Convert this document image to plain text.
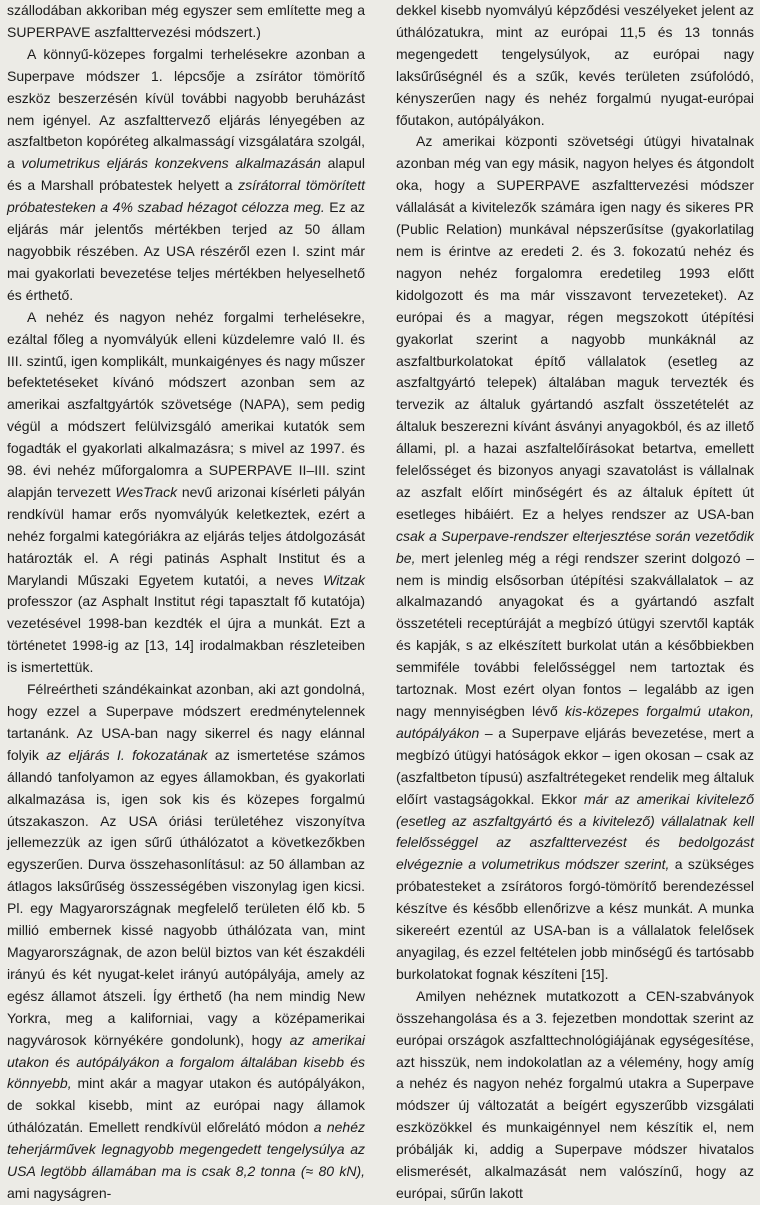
szállodában akkoriban még egyszer sem említette meg a SUPERPAVE aszfalttervezési módszert.)

A könnyű-közepes forgalmi terhelésekre azonban a Superpave módszer 1. lépcsője a zsírátor tömörítő eszköz beszerzésén kívül további nagyobb beruházást nem igényel. Az aszfalttervező eljárás lényegében az aszfaltbeton kopóréteg alkalmasságí vizsgálatára szolgál, a volumetrikus eljárás konzekvens alkalmazásán alapul és a Marshall próbatestek helyett a zsírátorral tömörített próbatesteken a 4% szabad hézagot célozza meg. Ez az eljárás már jelentős mértékben terjed az 50 állam nagyobbik részében. Az USA részéről ezen I. szint már mai gyakorlati bevezetése teljes mértékben helyeselhető és érthető.

A nehéz és nagyon nehéz forgalmi terhelésekre, ezáltal főleg a nyomvályúk elleni küzdelemre való II. és III. szintű, igen komplikált, munkaigényes és nagy műszer befektetéseket kívánó módszert azonban sem az amerikai aszfaltgyártók szövetsége (NAPA), sem pedig végül a módszert felülvizsgáló amerikai kutatók sem fogadták el gyakorlati alkalmazásra; s mivel az 1997. és 98. évi nehéz műforgalomra a SUPERPAVE II–III. szint alapján tervezett WesTrack nevű arizonai kísérleti pályán rendkívül hamar erős nyomvályúk keletkeztek, ezért a nehéz forgalmi kategóriákra az eljárás teljes átdolgozását határozták el. A régi patinás Asphalt Institut és a Marylandi Műszaki Egyetem kutatói, a neves Witzak professzor (az Asphalt Institut régi tapasztalt fő kutatója) vezetésével 1998-ban kezdték el újra a munkát. Ezt a történetet 1998-ig az [13, 14] irodalmakban részleteiben is ismertettük.

Félreértheti szándékainkat azonban, aki azt gondolná, hogy ezzel a Superpave módszert eredménytelennek tartanánk. Az USA-ban nagy sikerrel és nagy elánnal folyik az eljárás I. fokozatának az ismertetése számos állandó tanfolyamon az egyes államokban, és gyakorlati alkalmazása is, igen sok kis és közepes forgalmú útszakaszon. Az USA óriási területéhez viszonyítva jellemezzük az igen sűrű úthálózatot a következőkben egyszerűen. Durva összehasonlításul: az 50 államban az átlagos laksűrűség összességében viszonylag igen kicsi. Pl. egy Magyarországnak megfelelő területen élő kb. 5 millió embernek kissé nagyobb úthálózata van, mint Magyarországnak, de azon belül biztos van két északdéli irányú és két nyugat-kelet irányú autópályája, amely az egész államot átszeli. Így érthető (ha nem mindig New Yorkra, meg a kaliforniai, vagy a középamerikai nagyvárosok környékére gondolunk), hogy az amerikai utakon és autópályákon a forgalom általában kisebb és könnyebb, mint akár a magyar utakon és autópályákon, de sokkal kisebb, mint az európai nagy államok úthálózatán. Emellett rendkívül előrelátó módon a nehéz teherjárművek legnagyobb megengedett tengelysúlya az USA legtöbb államában ma is csak 8,2 tonna (≈ 80 kN), ami nagyságren-

dekkel kisebb nyomvályú képződési veszélyeket jelent az úthálózatukra, mint az európai 11,5 és 13 tonnás megengedett tengelysúlyok, az európai nagy laksűrűségnél és a szűk, kevés területen zsúfolódó, kényszerűen nagy és nehéz forgalmú nyugat-európai főutakon, autópályákon.

Az amerikai központi szövetségi útügyi hivatalnak azonban még van egy másik, nagyon helyes és átgondolt oka, hogy a SUPERPAVE aszfalttervezési módszer vállalását a kivitelezők számára igen nagy és sikeres PR (Public Relation) munkával népszerűsítse (gyakorlatilag nem is érintve az eredeti 2. és 3. fokozatú nehéz és nagyon nehéz forgalomra eredetileg 1993 előtt kidolgozott és ma már visszavont tervezeteket). Az európai és a magyar, régen megszokott útépítési gyakorlat szerint a nagyobb munkáknál az aszfaltburkolatokat építő vállalatok (esetleg az aszfaltgyártó telepek) általában maguk tervezték és tervezik az általuk gyártandó aszfalt összetételét az általuk beszerezni kívánt ásványi anyagokból, és az illető állami, pl. a hazai aszfaltelőírásokat betartva, emellett felelősséget és bizonyos anyagi szavatolást is vállalnak az aszfalt előírt minőségért és az általuk épített út esetleges hibáiért. Ez a helyes rendszer az USA-ban csak a Superpave-rendszer elterjesztése során vezetődik be, mert jelenleg még a régi rendszer szerint dolgozó – nem is mindig elsősorban útépítési szakvállalatok – az alkalmazandó anyagokat és a gyártandó aszfalt összetételi receptúráját a megbízó útügyi szervtől kapták és kapják, s az elkészített burkolat után a későbbiekben semmiféle további felelősséggel nem tartoztak és tartoznak. Most ezért olyan fontos – legalább az igen nagy mennyiségben lévő kis-közepes forgalmú utakon, autópályákon – a Superpave eljárás bevezetése, mert a megbízó útügyi hatóságok ekkor – igen okosan – csak az (aszfaltbeton típusú) aszfaltrétegeket rendelik meg általuk előírt vastagságokkal. Ekkor már az amerikai kivitelező (esetleg az aszfaltgyártó és a kivitelező) vállalatnak kell felelősséggel az aszfalttervezést és bedolgozást elvégeznie a volumetrikus módszer szerint, a szükséges próbatesteket a zsírátoros forgó-tömörítő berendezéssel készítve és később ellenőrizve a kész munkát. A munka sikereért ezentúl az USA-ban is a vállalatok felelősek anyagilag, és ezzel feltételen jobb minőségű és tartósabb burkolatokat fognak készíteni [15].

Amilyen nehéznek mutatkozott a CEN-szabványok összehangolása és a 3. fejezetben mondottak szerint az európai országok aszfalttechnológiájának egységesítése, azt hisszük, nem indokolatlan az a vélemény, hogy amíg a nehéz és nagyon nehéz forgalmú utakra a Superpave módszer új változatát a beígért egyszerűbb vizsgálati eszközökkel és munkaigénnyel nem készítik el, nem próbálják ki, addig a Superpave módszer hivatalos elismerését, alkalmazását nem valószínű, hogy az európai, sűrűn lakott
